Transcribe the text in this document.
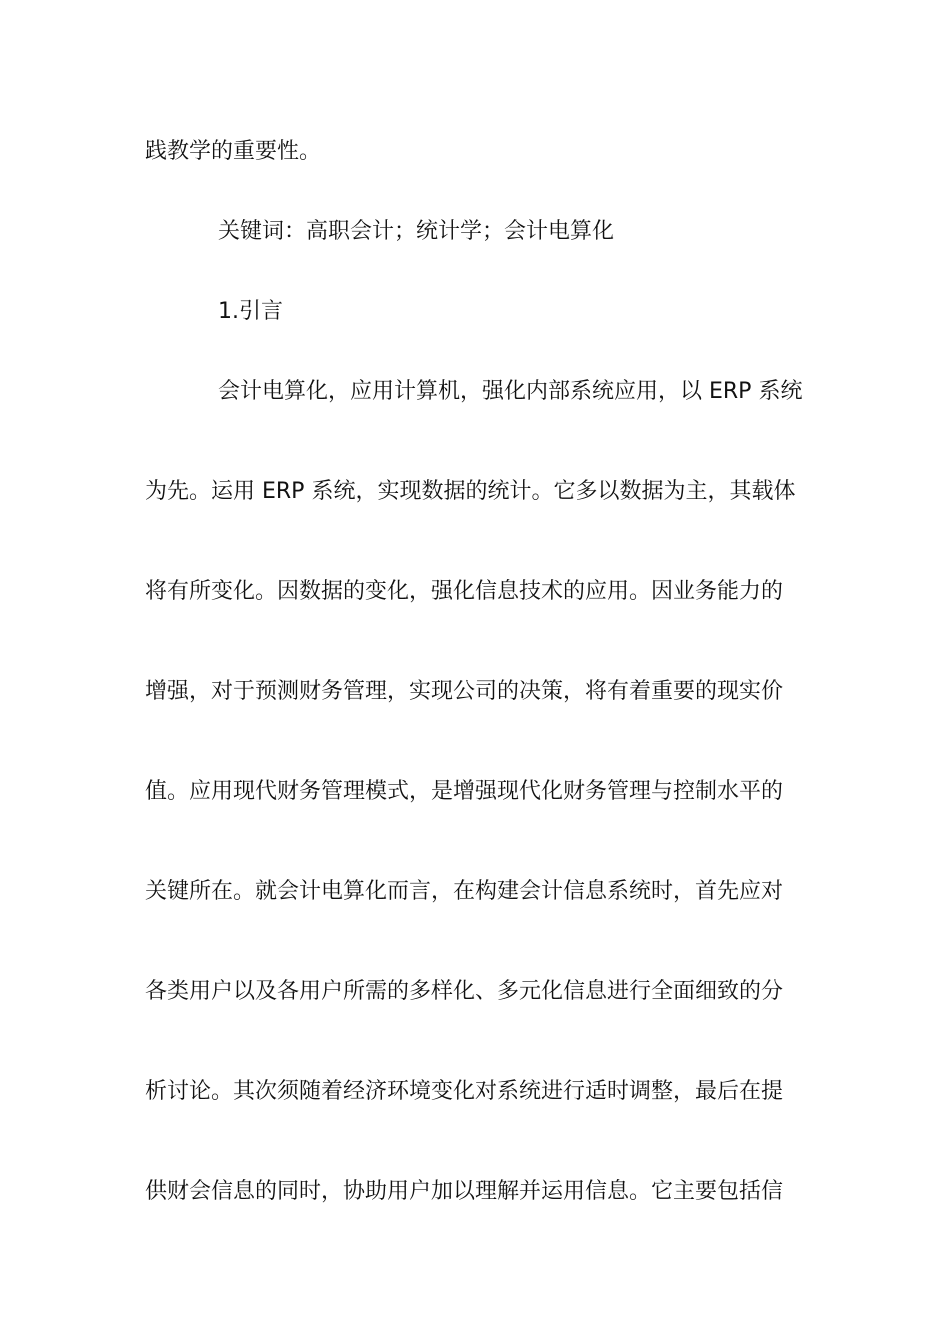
践教学的重要性。
关键词：高职会计；统计学；会计电算化
1.引言
会计电算化，应用计算机，强化内部系统应用，以 ERP 系统
为先。运用 ERP 系统，实现数据的统计。它多以数据为主，其载体
将有所变化。因数据的变化，强化信息技术的应用。因业务能力的
增强，对于预测财务管理，实现公司的决策，将有着重要的现实价
值。应用现代财务管理模式，是增强现代化财务管理与控制水平的
关键所在。就会计电算化而言，在构建会计信息系统时，首先应对
各类用户以及各用户所需的多样化、多元化信息进行全面细致的分
析讨论。其次须随着经济环境变化对系统进行适时调整，最后在提
供财会信息的同时，协助用户加以理解并运用信息。它主要包括信
